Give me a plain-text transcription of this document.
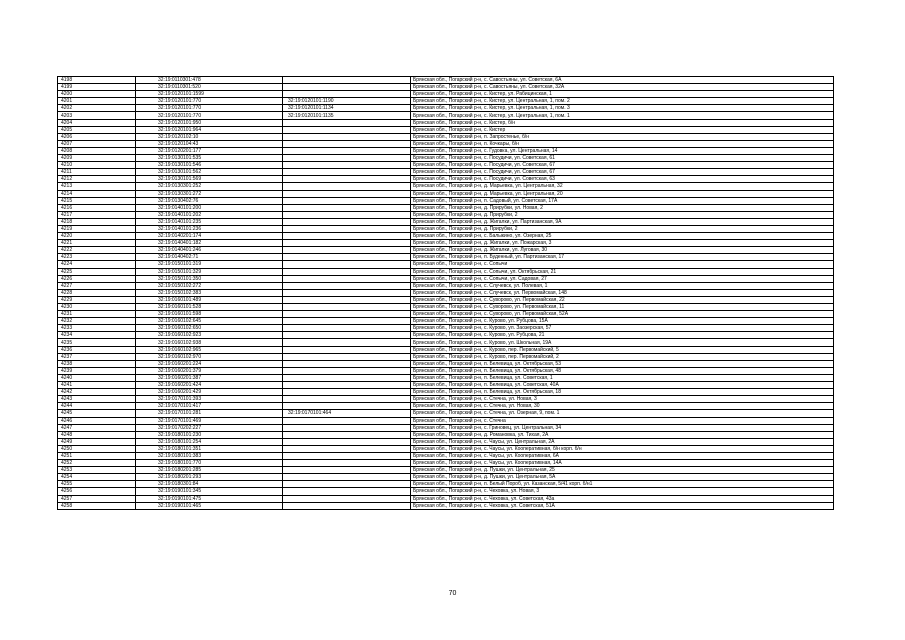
4198	32:19:0110301:478		Брянская обл., Погарский р-н, с. Савостьяны, ул. Советская, 6А
4199	32:19:0110301:520		Брянская обл., Погарский р-н, с. Савостьяны, ул. Советская, 32А
4200	32:19:0120101:1599		Брянская обл., Погарский р-н, с. Кистер, ул. Рабицинская, 1
4201	32:19:0120101:770	32:19:0120101:1190	Брянская обл., Погарский р-н, с. Кистер, ул. Центральная, 1, пом. 2
4202	32:19:0120101:770	32:19:0120101:1134	Брянская обл., Погарский р-н, с. Кистер, ул. Центральная, 1, пом. 3
4203	32:19:0120101:770	32:19:0120101:1135	Брянская обл., Погарский р-н, с. Кистер, ул. Центральная, 1, пом. 1
4204	32:19:0120101:950		Брянская обл., Погарский р-н, с. Кистер, б/н
4205	32:19:0120101:964		Брянская обл., Погарский р-н, с. Кистер
4206	32:19:0120102:10		Брянская обл., Погарский р-н, п. Запростенье, б/н
4207	32:19:0120104:43		Брянская обл., Погарский р-н, п. Кочкары, б/н
4208	32:19:0120201:177		Брянская обл., Погарский р-н, с. Гудовка, ул. Центральная, 14
4209	32:19:0130101:535		Брянская обл., Погарский р-н, с. Посудичи, ул. Советская, 61
4210	32:19:0130101:546		Брянская обл., Погарский р-н, с. Посудичи, ул. Советская, 67
4211	32:19:0130101:562		Брянская обл., Погарский р-н, с. Посудичи, ул. Советская, 67
4212	32:19:0130101:569		Брянская обл., Погарский р-н, с. Посудичи, ул. Советская, 63
4213	32:19:0130301:252		Брянская обл., Погарский р-н, д. Марьевка, ул. Центральная, 32
4214	32:19:0130301:272		Брянская обл., Погарский р-н, д. Марьевка, ул. Центральная, 20
4215	32:19:0130402:76		Брянская обл., Погарский р-н, п. Садовый, ул. Советская, 17А
4216	32:19:0140101:200		Брянская обл., Погарский р-н, д. Прирубки, ул. Новая, 2
4217	32:19:0140101:202		Брянская обл., Погарский р-н, д. Прирубки, 2
4218	32:19:0140101:235		Брянская обл., Погарский р-н, д. Жигалки, ул. Партизанская, 9А
4219	32:19:0140101:236		Брянская обл., Погарский р-н, д. Прирубки, 2
4220	32:19:0140201:174		Брянская обл., Погарский р-н, с. Балыкино, ул. Озерная, 25
4221	32:19:0140401:182		Брянская обл., Погарский р-н, д. Жигалки, ул. Пожарская, 3
4222	32:19:0140401:246		Брянская обл., Погарский р-н, д. Жигалки, ул. Луговая, 30
4223	32:19:0140402:71		Брянская обл., Погарский р-н, п. Буденный, ул. Партизанская, 17
4224	32:19:0150101:319		Брянская обл., Погарский р-н, с. Сопычи
4225	32:19:0150101:329		Брянская обл., Погарский р-н, с. Сопычи, ул. Октябрьская, 21
4226	32:19:0150101:350		Брянская обл., Погарский р-н, с. Сопычи, ул. Садовая, 27
4227	32:19:0150102:272		Брянская обл., Погарский р-н, с. Случевск, ул. Полевая, 1
4228	32:19:0150102:383		Брянская обл., Погарский р-н, с. Случевск, ул. Первомайская, 148
4229	32:19:0160101:489		Брянская обл., Погарский р-н, с. Суворово, ул. Первомайская, 22
4230	32:19:0160101:528		Брянская обл., Погарский р-н, с. Суворово, ул. Первомайская, 11
4231	32:19:0160101:598		Брянская обл., Погарский р-н, с. Суворово, ул. Первомайская, 52А
4232	32:19:0160102:645		Брянская обл., Погарский р-н, с. Курово, ул. Рубцова, 15А
4233	32:19:0160102:650		Брянская обл., Погарский р-н, с. Курово, ул. Заозерская, 57
4234	32:19:0160102:923		Брянская обл., Погарский р-н, с. Курово, ул. Рубцова, 21
4235	32:19:0160102:938		Брянская обл., Погарский р-н, с. Курово, ул. Школьная, 19А
4236	32:19:0160102:965		Брянская обл., Погарский р-н, с. Курово, пер. Первомайский, 5
4237	32:19:0160102:970		Брянская обл., Погарский р-н, с. Курово, пер. Первомайский, 2
4238	32:19:0160201:224		Брянская обл., Погарский р-н, п. Белевица, ул. Октябрьская, 53
4239	32:19:0160201:379		Брянская обл., Погарский р-н, п. Белевица, ул. Октябрьская, 48
4240	32:19:0160201:387		Брянская обл., Погарский р-н, п. Белевица, ул. Советская, 1
4241	32:19:0160201:424		Брянская обл., Погарский р-н, п. Белевица, ул. Советская, 40А
4242	32:19:0160201:429		Брянская обл., Погарский р-н, п. Белевица, ул. Октябрьская, 18
4243	32:19:0170101:393		Брянская обл., Погарский р-н, с. Стечна, ул. Новая, 3
4244	32:19:0170101:417		Брянская обл., Погарский р-н, с. Стечна, ул. Новая, 30
4245	32:19:0170101:281	32:19:0170101:464	Брянская обл., Погарский р-н, с. Стечна, ул. Озерная, 9, пом. 1
4246	32:19:0170101:469		Брянская обл., Погарский р-н, с. Стечна
4247	32:19:0170202:227		Брянская обл., Погарский р-н, с. Гриновец, ул. Центральная, 34
4248	32:19:0180101:230		Брянская обл., Погарский р-н, д. Романовка, ул. Тихая, 2А
4249	32:19:0180101:254		Брянская обл., Погарский р-н, с. Чаусы, ул. Центральная, 2А
4250	32:19:0180101:351		Брянская обл., Погарский р-н, с. Чаусы, ул. Кооперативная, б/н корп. б/н
4251	32:19:0180101:383		Брянская обл., Погарский р-н, с. Чаусы, ул. Кооперативная, 6А
4252	32:19:0180101:770		Брянская обл., Погарский р-н, с. Чаусы, ул. Кооперативная, 14А
4253	32:19:0180201:285		Брянская обл., Погарский р-н, д. Пушки, ул. Центральная, 25
4254	32:19:0180201:293		Брянская обл., Погарский р-н, д. Пушки, ул. Центральная, 5А
4255	32:19:0180301:84		Брянская обл., Погарский р-н, п. Белый Пороб, ул. Казанская, 5/41 корп. б/н1
4256	32:19:0190101:345		Брянская обл., Погарский р-н, с. Чеховка, ул. Новая, 3
4257	32:19:0190101:475		Брянская обл., Погарский р-н, с. Чеховка, ул. Советская, 43а
4258	32:19:0190101:465		Брянская обл., Погарский р-н, с. Чеховка, ул. Советская, 51А
70
